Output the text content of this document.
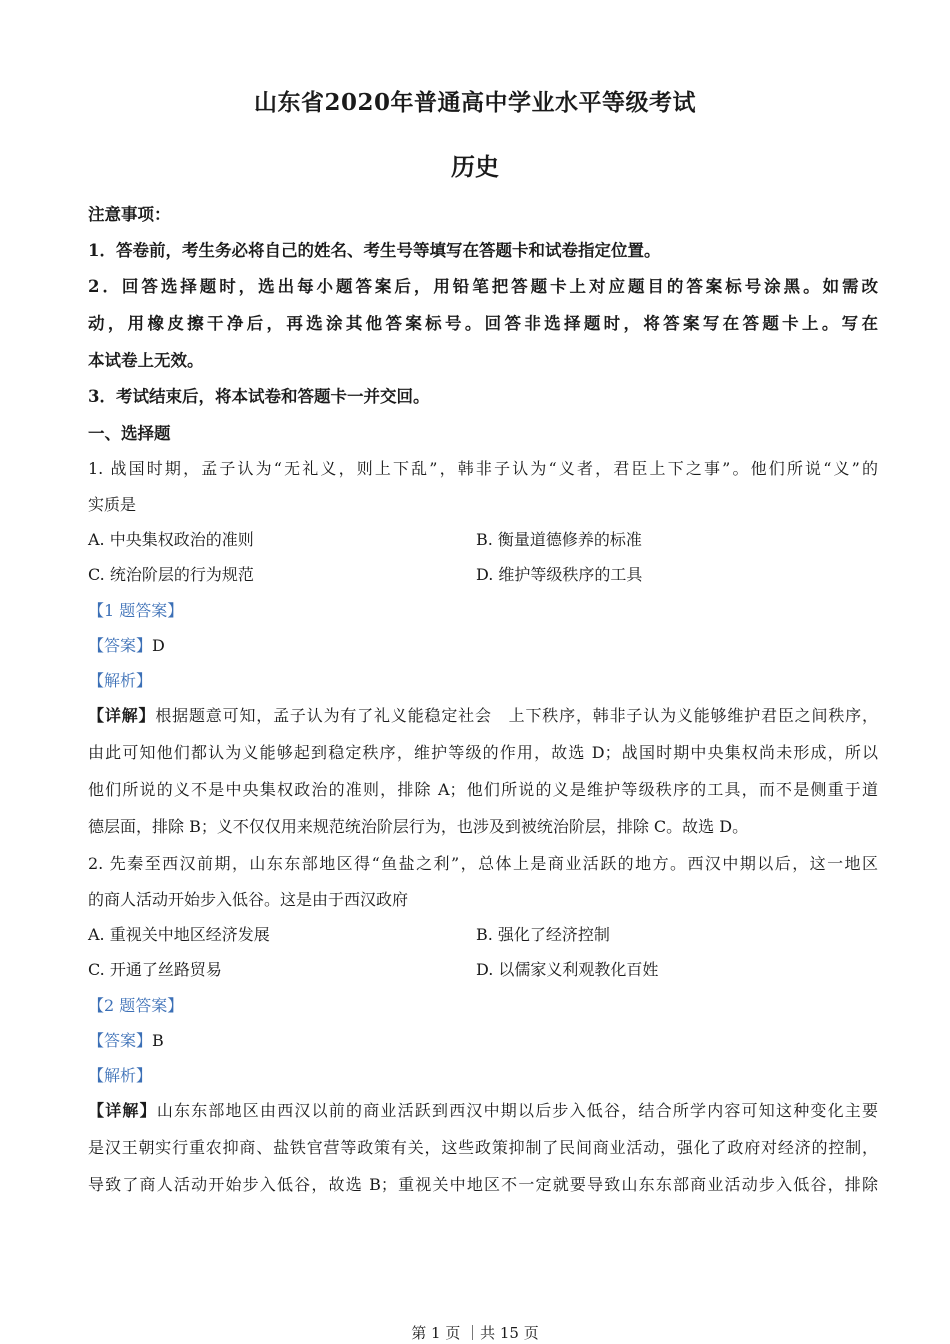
山东省2020年普通高中学业水平等级考试
历史
注意事项：
1．答卷前，考生务必将自己的姓名、考生号等填写在答题卡和试卷指定位置。
2．回答选择题时，选出每小题答案后，用铅笔把答题卡上对应题目的答案标号涂黑。如需改
动，用橡皮擦干净后，再选涂其他答案标号。回答非选择题时，将答案写在答题卡上。写在
本试卷上无效。
3．考试结束后，将本试卷和答题卡一并交回。
一、选择题
1. 战国时期，孟子认为“无礼义，则上下乱”，韩非子认为“义者，君臣上下之事”。他们所说“义”的
实质是
A. 中央集权政治的准则	B. 衡量道德修养的标准
C. 统治阶层的行为规范	D. 维护等级秩序的工具
【1 题答案】
【答案】D
【解析】
【详解】根据题意可知，孟子认为有了礼义能稳定社会　上下秩序，韩非子认为义能够维护君臣之间秩序，
由此可知他们都认为义能够起到稳定秩序，维护等级的作用，故选 D；战国时期中央集权尚未形成，所以
他们所说的义不是中央集权政治的准则，排除 A；他们所说的义是维护等级秩序的工具，而不是侧重于道
德层面，排除 B；义不仅仅用来规范统治阶层行为，也涉及到被统治阶层，排除 C。故选 D。
2. 先秦至西汉前期，山东东部地区得“鱼盐之利”，总体上是商业活跃的地方。西汉中期以后，这一地区
的商人活动开始步入低谷。这是由于西汉政府
A. 重视关中地区经济发展	B. 强化了经济控制
C. 开通了丝路贸易	D. 以儒家义利观教化百姓
【2 题答案】
【答案】B
【解析】
【详解】山东东部地区由西汉以前的商业活跃到西汉中期以后步入低谷，结合所学内容可知这种变化主要
是汉王朝实行重农抑商、盐铁官营等政策有关，这些政策抑制了民间商业活动，强化了政府对经济的控制，
导致了商人活动开始步入低谷，故选 B；重视关中地区不一定就要导致山东东部商业活动步入低谷，排除
第 1 页 ｜共 15 页
